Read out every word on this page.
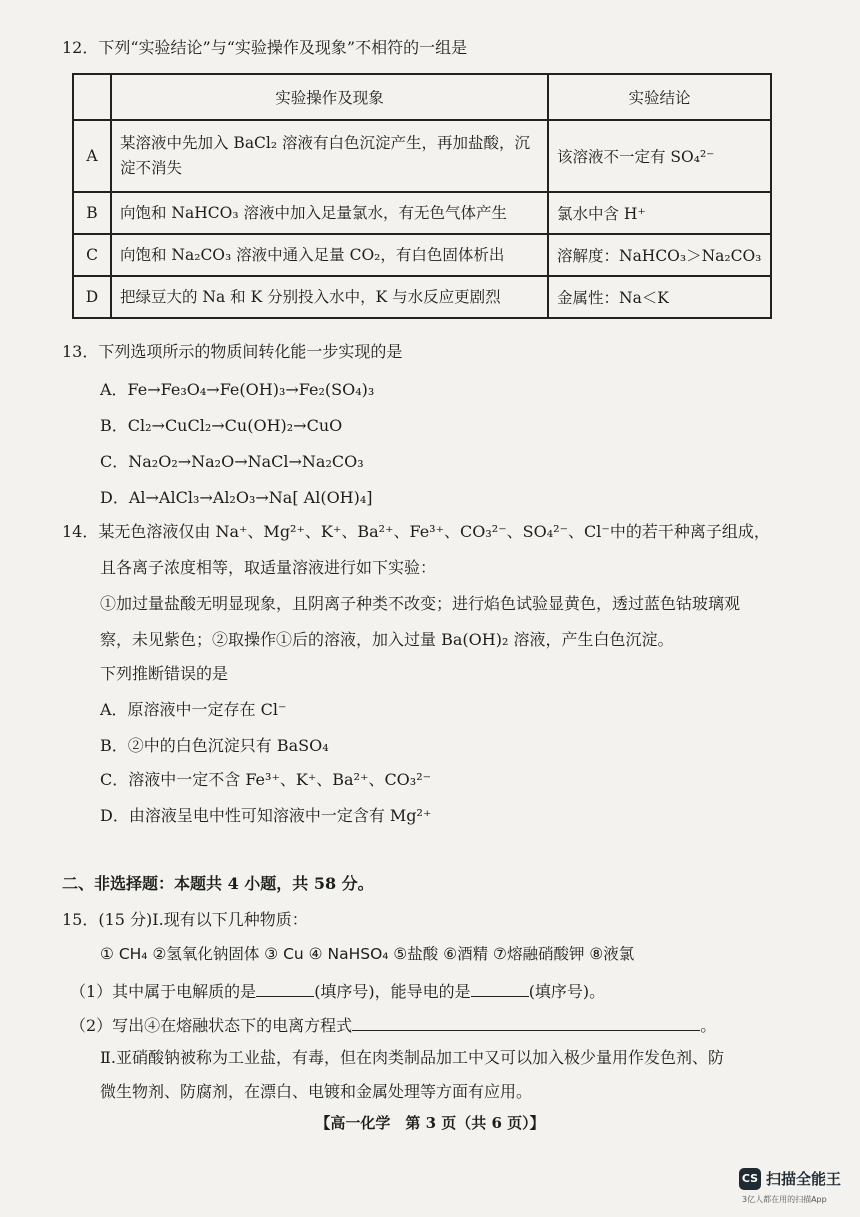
12．下列“实验结论”与“实验操作及现象”不相符的一组是
	实验操作及现象	实验结论
A	某溶液中先加入 BaCl₂ 溶液有白色沉淀产生，再加盐酸，沉淀不消失	该溶液不一定有 SO₄²⁻
B	向饱和 NaHCO₃ 溶液中加入足量氯水，有无色气体产生	氯水中含 H⁺
C	向饱和 Na₂CO₃ 溶液中通入足量 CO₂，有白色固体析出	溶解度：NaHCO₃＞Na₂CO₃
D	把绿豆大的 Na 和 K 分别投入水中，K 与水反应更剧烈	金属性：Na＜K
13．下列选项所示的物质间转化能一步实现的是
A．Fe→Fe₃O₄→Fe(OH)₃→Fe₂(SO₄)₃
B．Cl₂→CuCl₂→Cu(OH)₂→CuO
C．Na₂O₂→Na₂O→NaCl→Na₂CO₃
D．Al→AlCl₃→Al₂O₃→Na[ Al(OH)₄]
14．某无色溶液仅由 Na⁺、Mg²⁺、K⁺、Ba²⁺、Fe³⁺、CO₃²⁻、SO₄²⁻、Cl⁻中的若干种离子组成，
且各离子浓度相等，取适量溶液进行如下实验：
①加过量盐酸无明显现象，且阴离子种类不改变；进行焰色试验显黄色，透过蓝色钴玻璃观
察，未见紫色；②取操作①后的溶液，加入过量 Ba(OH)₂ 溶液，产生白色沉淀。
下列推断错误的是
A．原溶液中一定存在 Cl⁻
B．②中的白色沉淀只有 BaSO₄
C．溶液中一定不含 Fe³⁺、K⁺、Ba²⁺、CO₃²⁻
D．由溶液呈电中性可知溶液中一定含有 Mg²⁺
二、非选择题：本题共 4 小题，共 58 分。
15．(15 分)Ⅰ.现有以下几种物质：
① CH₄ ②氢氧化钠固体 ③ Cu ④ NaHSO₄ ⑤盐酸 ⑥酒精 ⑦熔融硝酸钾 ⑧液氯
（1）其中属于电解质的是	(填序号)，能导电的是	(填序号)。
（2）写出④在熔融状态下的电离方程式	。
Ⅱ.亚硝酸钠被称为工业盐，有毒，但在肉类制品加工中又可以加入极少量用作发色剂、防
微生物剂、防腐剂，在漂白、电镀和金属处理等方面有应用。
【高一化学　第 3 页（共 6 页）】
CS 扫描全能王
3亿人都在用的扫描App
